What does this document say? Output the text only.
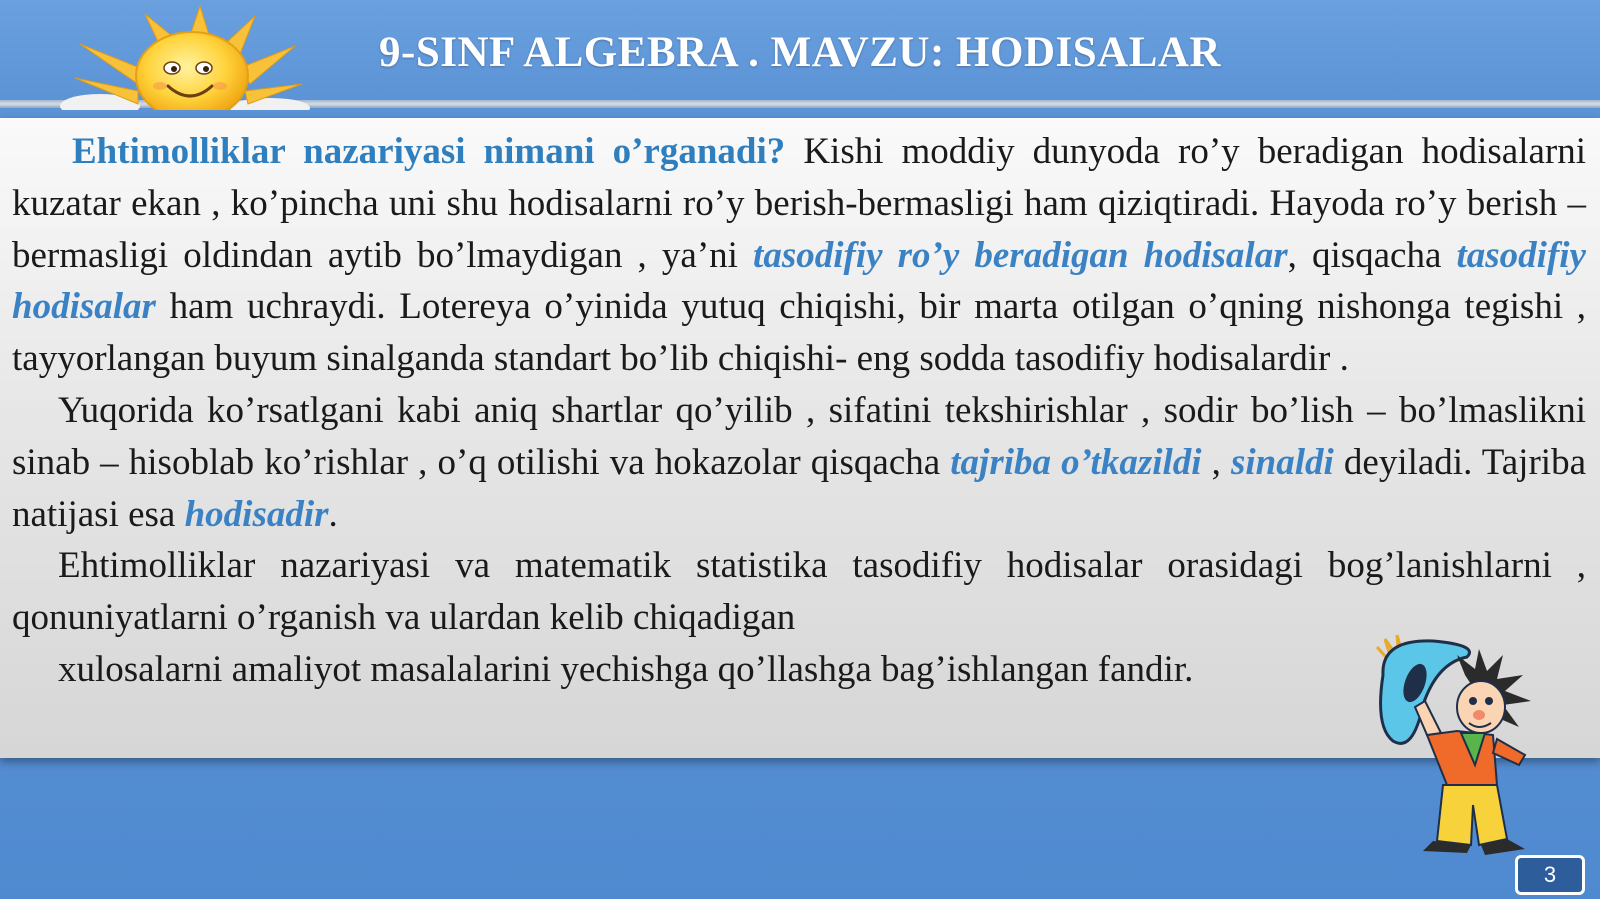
9-SINF ALGEBRA . MAVZU: HODISALAR
Ehtimolliklar nazariyasi nimani o’rganadi? Kishi moddiy dunyoda ro’y beradigan hodisalarni kuzatar ekan , ko’pincha uni shu hodisalarni ro’y berish-bermasligi ham qiziqtiradi. Hayoda ro’y berish –bermasligi oldindan aytib bo’lmaydigan , ya’ni tasodifiy ro’y beradigan hodisalar, qisqacha tasodifiy hodisalar ham uchraydi. Lotereya o’yinida yutuq chiqishi, bir marta otilgan o’qning nishonga tegishi , tayyorlangan buyum sinalganda standart bo’lib chiqishi- eng sodda tasodifiy hodisalardir .
Yuqorida ko’rsatlgani kabi aniq shartlar qo’yilib , sifatini tekshirishlar , sodir bo’lish – bo’lmaslikni sinab – hisoblab ko’rishlar , o’q otilishi va hokazolar qisqacha tajriba o’tkazildi , sinaldi deyiladi. Tajriba natijasi esa hodisadir.
Ehtimolliklar nazariyasi va matematik statistika tasodifiy hodisalar orasidagi bog’lanishlarni , qonuniyatlarni o’rganish va ulardan kelib chiqadigan
xulosalarni amaliyot masalalarini yechishga qo’llashga bag’ishlangan fandir.
3
